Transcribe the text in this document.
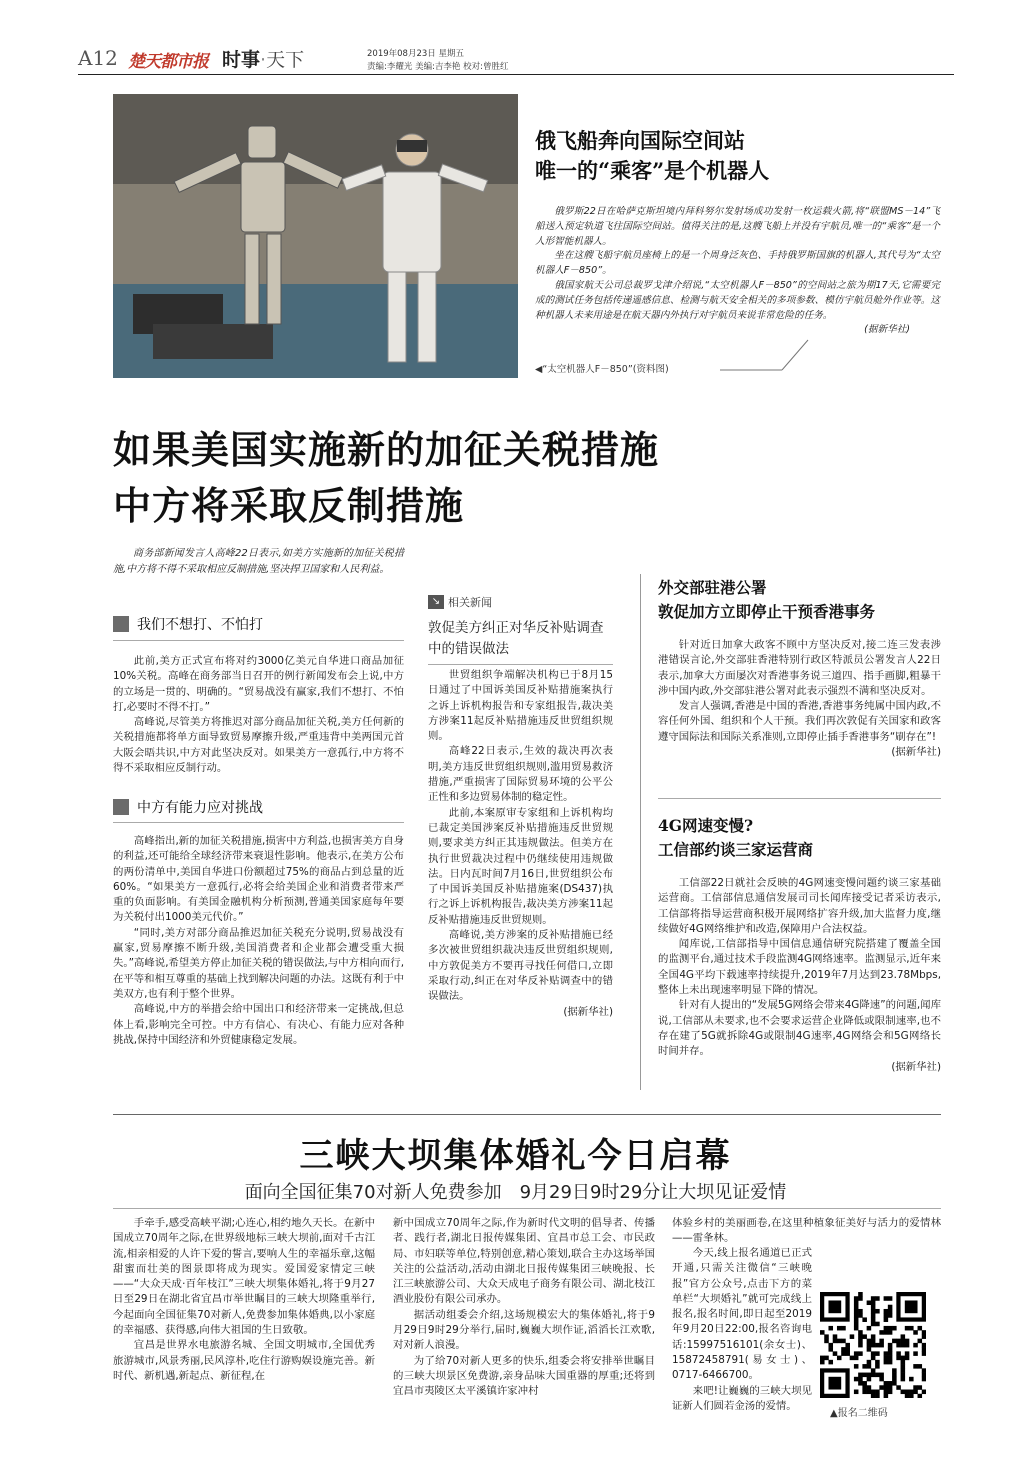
A12 楚天都市报 时事·天下	2019年08月23日 星期五
责编:李耀光 美编:吉李艳 校对:曾胜红
俄飞船奔向国际空间站
唯一的“乘客”是个机器人

俄罗斯22日在哈萨克斯坦境内拜科努尔发射场成功发射一枚运载火箭,将“联盟MS－14”飞船送入预定轨道飞往国际空间站。值得关注的是,这艘飞船上并没有宇航员,唯一的“乘客”是一个人形智能机器人。

坐在这艘飞船宇航员座椅上的是一个周身泛灰色、手持俄罗斯国旗的机器人,其代号为“太空机器人F－850”。

俄国家航天公司总裁罗戈津介绍说,“太空机器人F－850”的空间站之旅为期17天,它需要完成的测试任务包括传递遥感信息、检测与航天安全相关的多项参数、模仿宇航员舱外作业等。这种机器人未来用途是在航天器内外执行对宇航员来说非常危险的任务。

(据新华社)
◀“太空机器人F－850”(资料图)
如果美国实施新的加征关税措施
中方将采取反制措施

商务部新闻发言人高峰22日表示,如美方实施新的加征关税措施,中方将不得不采取相应反制措施,坚决捍卫国家和人民利益。

我们不想打、不怕打

此前,美方正式宣布将对约3000亿美元自华进口商品加征10%关税。高峰在商务部当日召开的例行新闻发布会上说,中方的立场是一贯的、明确的。“贸易战没有赢家,我们不想打、不怕打,必要时不得不打。”

高峰说,尽管美方将推迟对部分商品加征关税,美方任何新的关税措施都将单方面导致贸易摩擦升级,严重违背中美两国元首大阪会晤共识,中方对此坚决反对。如果美方一意孤行,中方将不得不采取相应反制行动。

中方有能力应对挑战

高峰指出,新的加征关税措施,损害中方利益,也损害美方自身的利益,还可能给全球经济带来衰退性影响。他表示,在美方公布的两份清单中,美国自华进口份额超过75%的商品占到总量的近60%。“如果美方一意孤行,必将会给美国企业和消费者带来严重的负面影响。有美国金融机构分析预测,普通美国家庭每年要为关税付出1000美元代价。”

“同时,美方对部分商品推迟加征关税充分说明,贸易战没有赢家,贸易摩擦不断升级,美国消费者和企业都会遭受重大损失。”高峰说,希望美方停止加征关税的错误做法,与中方相向而行,在平等和相互尊重的基础上找到解决问题的办法。这既有利于中美双方,也有利于整个世界。

高峰说,中方的举措会给中国出口和经济带来一定挑战,但总体上看,影响完全可控。中方有信心、有决心、有能力应对各种挑战,保持中国经济和外贸健康稳定发展。

↘ 相关新闻
敦促美方纠正对华反补贴调查中的错误做法

世贸组织争端解决机构已于8月15日通过了中国诉美国反补贴措施案执行之诉上诉机构报告和专家组报告,裁决美方涉案11起反补贴措施违反世贸组织规则。

高峰22日表示,生效的裁决再次表明,美方违反世贸组织规则,滥用贸易救济措施,严重损害了国际贸易环境的公平公正性和多边贸易体制的稳定性。

此前,本案原审专家组和上诉机构均已裁定美国涉案反补贴措施违反世贸规则,要求美方纠正其违规做法。但美方在执行世贸裁决过程中仍继续使用违规做法。日内瓦时间7月16日,世贸组织公布了中国诉美国反补贴措施案(DS437)执行之诉上诉机构报告,裁决美方涉案11起反补贴措施违反世贸规则。

高峰说,美方涉案的反补贴措施已经多次被世贸组织裁决违反世贸组织规则,中方敦促美方不要再寻找任何借口,立即采取行动,纠正在对华反补贴调查中的错误做法。

(据新华社)
外交部驻港公署
敦促加方立即停止干预香港事务

针对近日加拿大政客不顾中方坚决反对,接二连三发表涉港错误言论,外交部驻香港特别行政区特派员公署发言人22日表示,加拿大方面屡次对香港事务说三道四、指手画脚,粗暴干涉中国内政,外交部驻港公署对此表示强烈不满和坚决反对。

发言人强调,香港是中国的香港,香港事务纯属中国内政,不容任何外国、组织和个人干预。我们再次敦促有关国家和政客遵守国际法和国际关系准则,立即停止插手香港事务“刷存在”!

(据新华社)
4G网速变慢?
工信部约谈三家运营商

工信部22日就社会反映的4G网速变慢问题约谈三家基础运营商。工信部信息通信发展司司长闻库接受记者采访表示,工信部将指导运营商积极开展网络扩容升级,加大监督力度,继续做好4G网络维护和改造,保障用户合法权益。

闻库说,工信部指导中国信息通信研究院搭建了覆盖全国的监测平台,通过技术手段监测4G网络速率。监测显示,近年来全国4G平均下载速率持续提升,2019年7月达到23.78Mbps,整体上未出现速率明显下降的情况。

针对有人提出的“发展5G网络会带来4G降速”的问题,闻库说,工信部从未要求,也不会要求运营企业降低或限制速率,也不存在建了5G就拆除4G或限制4G速率,4G网络会和5G网络长时间并存。

(据新华社)
三峡大坝集体婚礼今日启幕
面向全国征集70对新人免费参加　9月29日9时29分让大坝见证爱情

手牵手,感受高峡平湖;心连心,相约地久天长。在新中国成立70周年之际,在世界级地标三峡大坝前,面对千古江流,相亲相爱的人许下爱的誓言,要响人生的幸福乐章,这幅甜蜜而壮美的图景即将成为现实。爱国爱家情定三峡——“大众天成·百年枝江”三峡大坝集体婚礼,将于9月27日至29日在湖北省宜昌市举世瞩目的三峡大坝隆重举行,今起面向全国征集70对新人,免费参加集体婚典,以小家庭的幸福感、获得感,向伟大祖国的生日致敬。

宜昌是世界水电旅游名城、全国文明城市,全国优秀旅游城市,风景秀丽,民风淳朴,吃住行游购娱设施完善。新时代、新机遇,新起点、新征程,在

新中国成立70周年之际,作为新时代文明的倡导者、传播者、践行者,湖北日报传媒集团、宜昌市总工会、市民政局、市妇联等单位,特别创意,精心策划,联合主办这场举国关注的公益活动,活动由湖北日报传媒集团三峡晚报、长江三峡旅游公司、大众天成电子商务有限公司、湖北枝江酒业股份有限公司承办。

据活动组委会介绍,这场规模宏大的集体婚礼,将于9月29日9时29分举行,届时,巍巍大坝作证,滔滔长江欢歌,对对新人浪漫。

为了给70对新人更多的快乐,组委会将安排举世瞩目的三峡大坝景区免费游,亲身品味大国重器的厚重;还将到宜昌市夷陵区太平溪镇许家冲村

体验乡村的美丽画卷,在这里种植象征美好与活力的爱情林——雷夆林。

今天,线上报名通道已正式开通,只需关注微信“三峡晚报”官方公众号,点击下方的菜单栏“大坝婚礼”就可完成线上报名,报名时间,即日起至2019年9月20日22:00,报名咨询电话:15997516101(余女士)、15872458791(易女士)、0717-6466700。

来吧!让巍巍的三峡大坝见证新人们圆若金汤的爱情。

▲报名二维码
